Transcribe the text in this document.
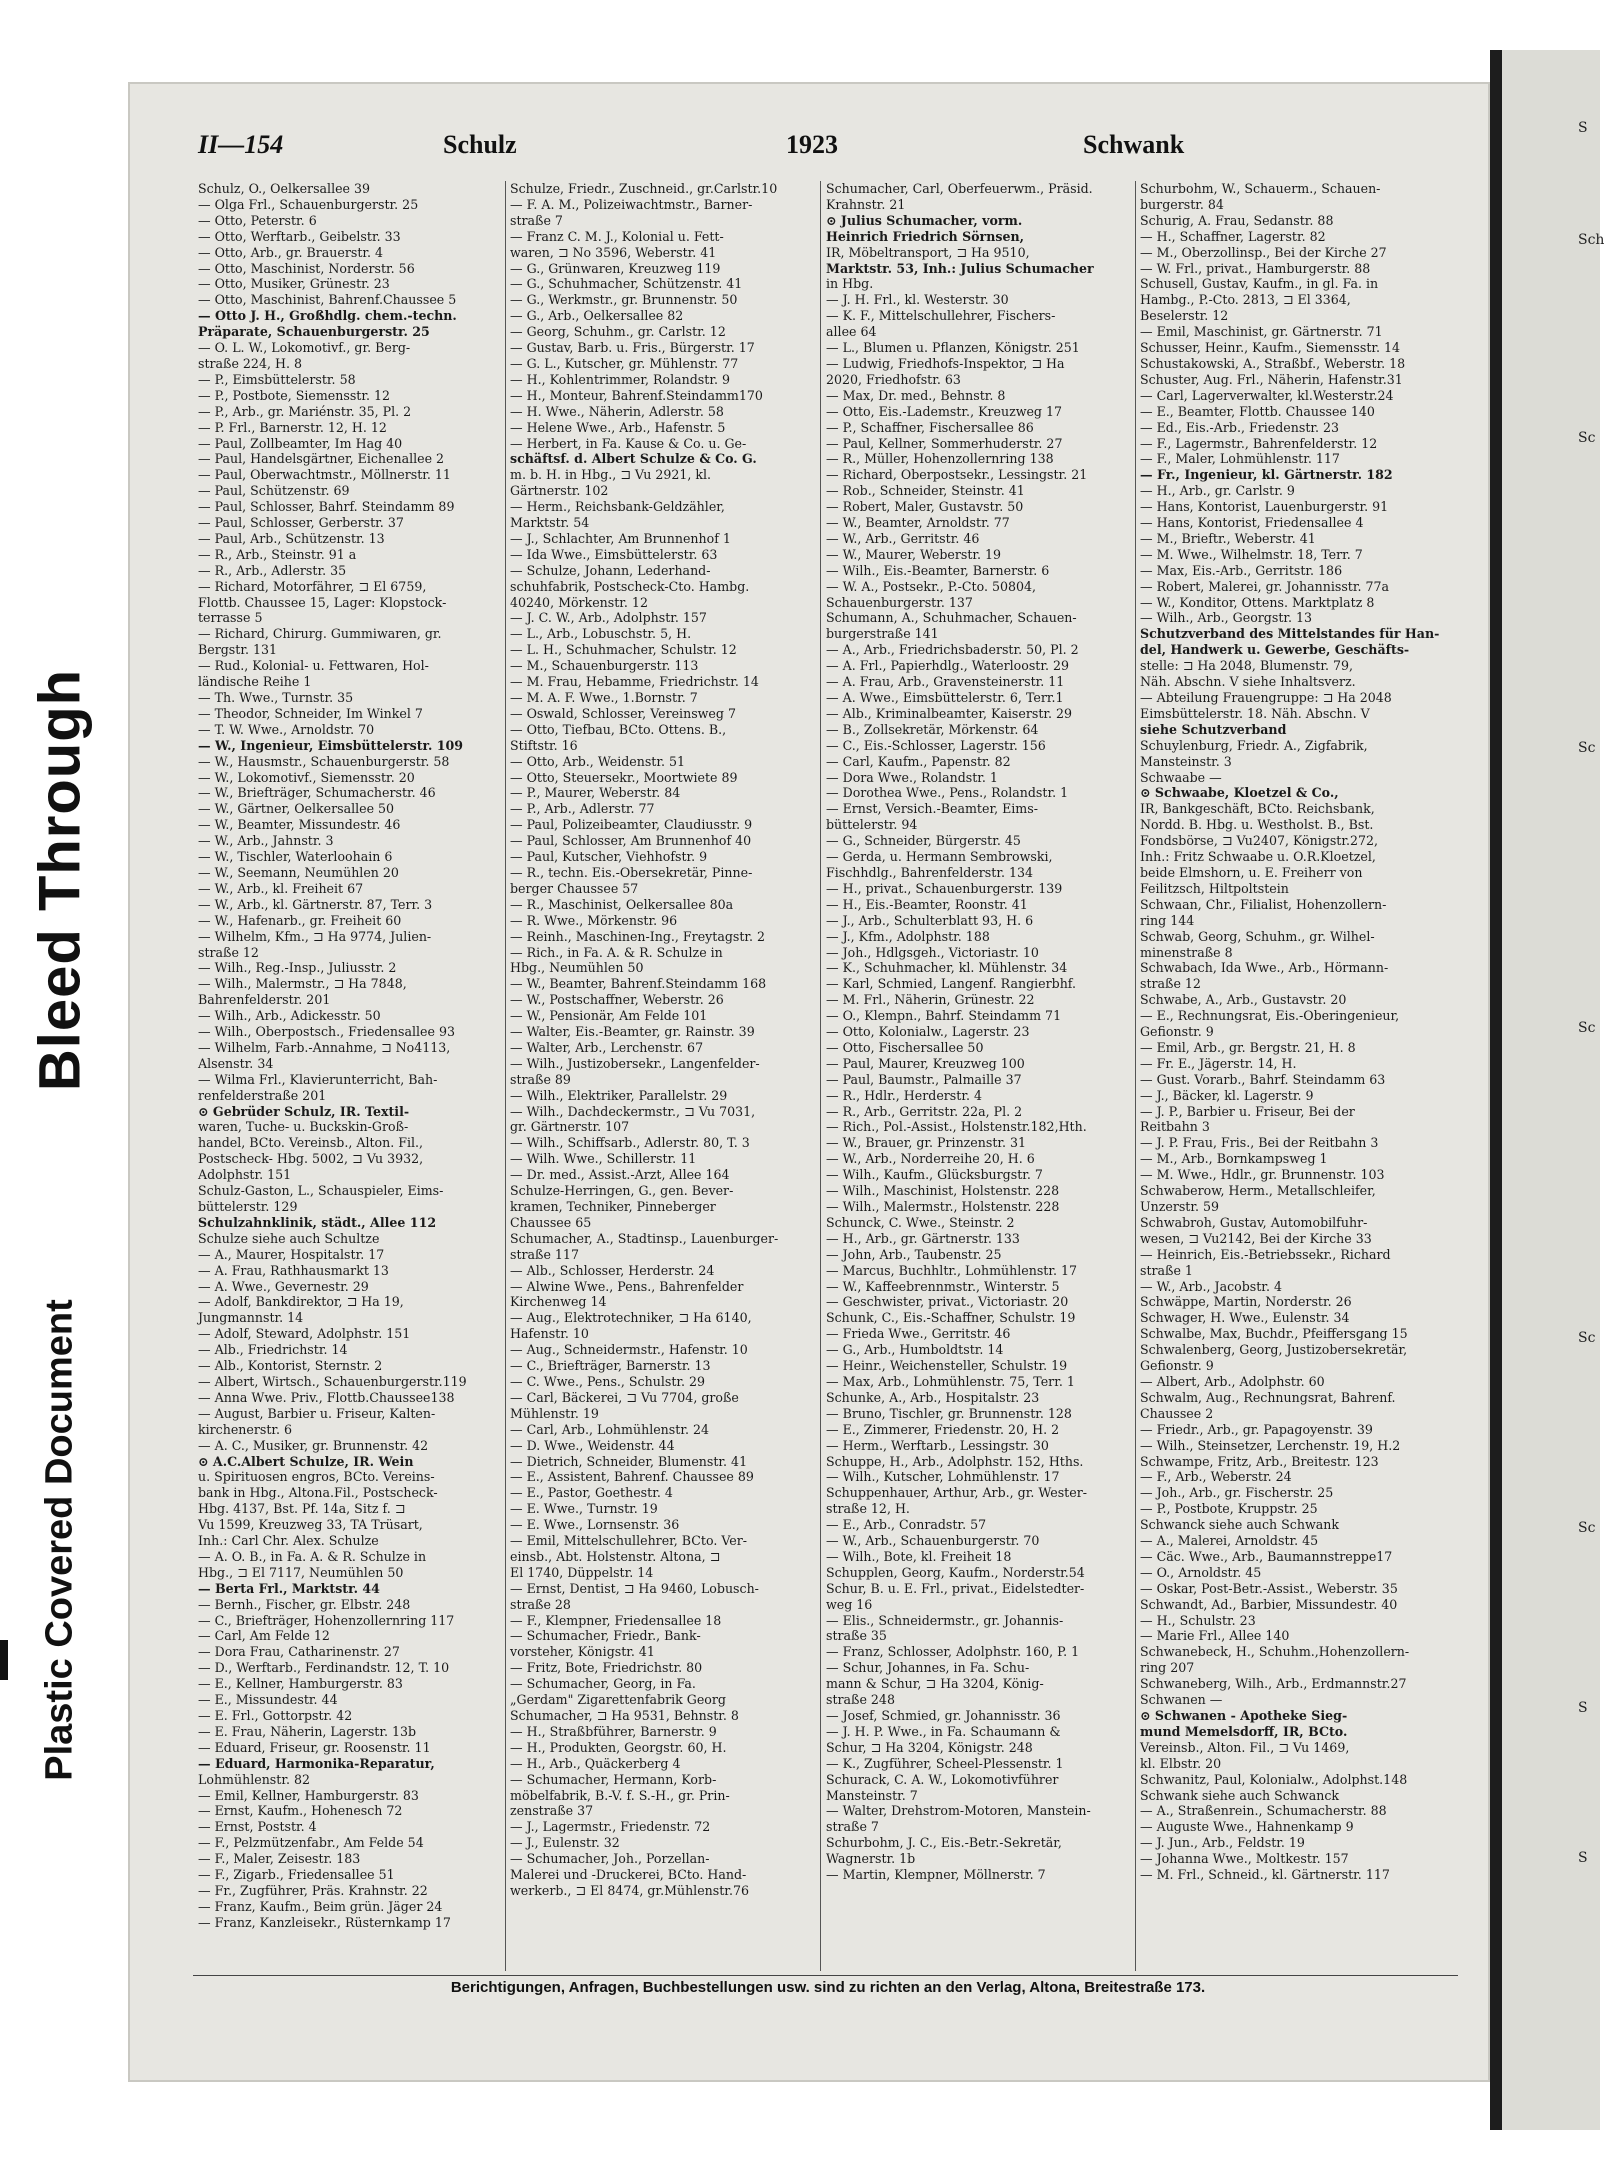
Bleed Through
Plastic Covered Document
S
Sch
Sc
Sc
Sc
Sc
Sc
S
S
II—154	Schulz	1923	Schwank
Schulz, O., Oelkersallee 39
— Olga Frl., Schauenburgerstr. 25
— Otto, Peterstr. 6
— Otto, Werftarb., Geibelstr. 33
— Otto, Arb., gr. Brauerstr. 4
— Otto, Maschinist, Norderstr. 56
— Otto, Musiker, Grünestr. 23
— Otto, Maschinist, Bahrenf.Chaussee 5
— Otto J. H., Großhdlg. chem.-techn.
Präparate, Schauenburgerstr. 25
— O. L. W., Lokomotivf., gr. Berg-
straße 224, H. 8
— P., Eimsbüttelerstr. 58
— P., Postbote, Siemensstr. 12
— P., Arb., gr. Mariénstr. 35, Pl. 2
— P. Frl., Barnerstr. 12, H. 12
— Paul, Zollbeamter, Im Hag 40
— Paul, Handelsgärtner, Eichenallee 2
— Paul, Oberwachtmstr., Möllnerstr. 11
— Paul, Schützenstr. 69
— Paul, Schlosser, Bahrf. Steindamm 89
— Paul, Schlosser, Gerberstr. 37
— Paul, Arb., Schützenstr. 13
— R., Arb., Steinstr. 91 a
— R., Arb., Adlerstr. 35
— Richard, Motorfährer, ⊐ El 6759,
Flottb. Chaussee 15, Lager: Klopstock-
terrasse 5
— Richard, Chirurg. Gummiwaren, gr.
Bergstr. 131
— Rud., Kolonial- u. Fettwaren, Hol-
ländische Reihe 1
— Th. Wwe., Turnstr. 35
— Theodor, Schneider, Im Winkel 7
— T. W. Wwe., Arnoldstr. 70
— W., Ingenieur, Eimsbüttelerstr. 109
— W., Hausmstr., Schauenburgerstr. 58
— W., Lokomotivf., Siemensstr. 20
— W., Briefträger, Schumacherstr. 46
— W., Gärtner, Oelkersallee 50
— W., Beamter, Missundestr. 46
— W., Arb., Jahnstr. 3
— W., Tischler, Waterloohain 6
— W., Seemann, Neumühlen 20
— W., Arb., kl. Freiheit 67
— W., Arb., kl. Gärtnerstr. 87, Terr. 3
— W., Hafenarb., gr. Freiheit 60
— Wilhelm, Kfm., ⊐ Ha 9774, Julien-
straße 12
— Wilh., Reg.-Insp., Juliusstr. 2
— Wilh., Malermstr., ⊐ Ha 7848,
Bahrenfelderstr. 201
— Wilh., Arb., Adickesstr. 50
— Wilh., Oberpostsch., Friedensallee 93
— Wilhelm, Farb.-Annahme, ⊐ No4113,
Alsenstr. 34
— Wilma Frl., Klavierunterricht, Bah-
renfelderstraße 201
⊙ Gebrüder Schulz, IR. Textil-
waren, Tuche- u. Buckskin-Groß-
handel, BCto. Vereinsb., Alton. Fil.,
Postscheck- Hbg. 5002, ⊐ Vu 3932,
Adolphstr. 151
Schulz-Gaston, L., Schauspieler, Eims-
büttelerstr. 129
Schulzahnklinik, städt., Allee 112
Schulze siehe auch Schultze
— A., Maurer, Hospitalstr. 17
— A. Frau, Rathhausmarkt 13
— A. Wwe., Gevernestr. 29
— Adolf, Bankdirektor, ⊐ Ha 19,
Jungmannstr. 14
— Adolf, Steward, Adolphstr. 151
— Alb., Friedrichstr. 14
— Alb., Kontorist, Sternstr. 2
— Albert, Wirtsch., Schauenburgerstr.119
— Anna Wwe. Priv., Flottb.Chaussee138
— August, Barbier u. Friseur, Kalten-
kirchenerstr. 6
— A. C., Musiker, gr. Brunnenstr. 42
⊙ A.C.Albert Schulze, IR. Wein
u. Spirituosen engros, BCto. Vereins-
bank in Hbg., Altona.Fil., Postscheck-
Hbg. 4137, Bst. Pf. 14a, Sitz f. ⊐
Vu 1599, Kreuzweg 33, TA Trüsart,
Inh.: Carl Chr. Alex. Schulze
— A. O. B., in Fa. A. & R. Schulze in
Hbg., ⊐ El 7117, Neumühlen 50
— Berta Frl., Marktstr. 44
— Bernh., Fischer, gr. Elbstr. 248
— C., Briefträger, Hohenzollernring 117
— Carl, Am Felde 12
— Dora Frau, Catharinenstr. 27
— D., Werftarb., Ferdinandstr. 12, T. 10
— E., Kellner, Hamburgerstr. 83
— E., Missundestr. 44
— E. Frl., Gottorpstr. 42
— E. Frau, Näherin, Lagerstr. 13b
— Eduard, Friseur, gr. Roosenstr. 11
— Eduard, Harmonika-Reparatur,
Lohmühlenstr. 82
— Emil, Kellner, Hamburgerstr. 83
— Ernst, Kaufm., Hohenesch 72
— Ernst, Poststr. 4
— F., Pelzmützenfabr., Am Felde 54
— F., Maler, Zeisestr. 183
— F., Zigarb., Friedensallee 51
— Fr., Zugführer, Präs. Krahnstr. 22
— Franz, Kaufm., Beim grün. Jäger 24
— Franz, Kanzleisekr., Rüsternkamp 17
Schulze, Friedr., Zuschneid., gr.Carlstr.10
— F. A. M., Polizeiwachtmstr., Barner-
straße 7
— Franz C. M. J., Kolonial u. Fett-
waren, ⊐ No 3596, Weberstr. 41
— G., Grünwaren, Kreuzweg 119
— G., Schuhmacher, Schützenstr. 41
— G., Werkmstr., gr. Brunnenstr. 50
— G., Arb., Oelkersallee 82
— Georg, Schuhm., gr. Carlstr. 12
— Gustav, Barb. u. Fris., Bürgerstr. 17
— G. L., Kutscher, gr. Mühlenstr. 77
— H., Kohlentrimmer, Rolandstr. 9
— H., Monteur, Bahrenf.Steindamm170
— H. Wwe., Näherin, Adlerstr. 58
— Helene Wwe., Arb., Hafenstr. 5
— Herbert, in Fa. Kause & Co. u. Ge-
schäftsf. d. Albert Schulze & Co. G.
m. b. H. in Hbg., ⊐ Vu 2921, kl.
Gärtnerstr. 102
— Herm., Reichsbank-Geldzähler,
Marktstr. 54
— J., Schlachter, Am Brunnenhof 1
— Ida Wwe., Eimsbüttelerstr. 63
— Schulze, Johann, Lederhand-
schuhfabrik, Postscheck-Cto. Hambg.
40240, Mörkenstr. 12
— J. C. W., Arb., Adolphstr. 157
— L., Arb., Lobuschstr. 5, H.
— L. H., Schuhmacher, Schulstr. 12
— M., Schauenburgerstr. 113
— M. Frau, Hebamme, Friedrichstr. 14
— M. A. F. Wwe., 1.Bornstr. 7
— Oswald, Schlosser, Vereinsweg 7
— Otto, Tiefbau, BCto. Ottens. B.,
Stiftstr. 16
— Otto, Arb., Weidenstr. 51
— Otto, Steuersekr., Moortwiete 89
— P., Maurer, Weberstr. 84
— P., Arb., Adlerstr. 77
— Paul, Polizeibeamter, Claudiusstr. 9
— Paul, Schlosser, Am Brunnenhof 40
— Paul, Kutscher, Viehhofstr. 9
— R., techn. Eis.-Obersekretär, Pinne-
berger Chaussee 57
— R., Maschinist, Oelkersallee 80a
— R. Wwe., Mörkenstr. 96
— Reinh., Maschinen-Ing., Freytagstr. 2
— Rich., in Fa. A. & R. Schulze in
Hbg., Neumühlen 50
— W., Beamter, Bahrenf.Steindamm 168
— W., Postschaffner, Weberstr. 26
— W., Pensionär, Am Felde 101
— Walter, Eis.-Beamter, gr. Rainstr. 39
— Walter, Arb., Lerchenstr. 67
— Wilh., Justizobersekr., Langenfelder-
straße 89
— Wilh., Elektriker, Parallelstr. 29
— Wilh., Dachdeckermstr., ⊐ Vu 7031,
gr. Gärtnerstr. 107
— Wilh., Schiffsarb., Adlerstr. 80, T. 3
— Wilh. Wwe., Schillerstr. 11
— Dr. med., Assist.-Arzt, Allee 164
Schulze-Herringen, G., gen. Bever-
kramen, Techniker, Pinneberger
Chaussee 65
Schumacher, A., Stadtinsp., Lauenburger-
straße 117
— Alb., Schlosser, Herderstr. 24
— Alwine Wwe., Pens., Bahrenfelder
Kirchenweg 14
— Aug., Elektrotechniker, ⊐ Ha 6140,
Hafenstr. 10
— Aug., Schneidermstr., Hafenstr. 10
— C., Briefträger, Barnerstr. 13
— C. Wwe., Pens., Schulstr. 29
— Carl, Bäckerei, ⊐ Vu 7704, große
Mühlenstr. 19
— Carl, Arb., Lohmühlenstr. 24
— D. Wwe., Weidenstr. 44
— Dietrich, Schneider, Blumenstr. 41
— E., Assistent, Bahrenf. Chaussee 89
— E., Pastor, Goethestr. 4
— E. Wwe., Turnstr. 19
— E. Wwe., Lornsenstr. 36
— Emil, Mittelschullehrer, BCto. Ver-
einsb., Abt. Holstenstr. Altona, ⊐
El 1740, Düppelstr. 14
— Ernst, Dentist, ⊐ Ha 9460, Lobusch-
straße 28
— F., Klempner, Friedensallee 18
— Schumacher, Friedr., Bank-
vorsteher, Königstr. 41
— Fritz, Bote, Friedrichstr. 80
— Schumacher, Georg, in Fa.
„Gerdam" Zigarettenfabrik Georg
Schumacher, ⊐ Ha 9531, Behnstr. 8
— H., Straßbführer, Barnerstr. 9
— H., Produkten, Georgstr. 60, H.
— H., Arb., Quäckerberg 4
— Schumacher, Hermann, Korb-
möbelfabrik, B.-V. f. S.-H., gr. Prin-
zenstraße 37
— J., Lagermstr., Friedenstr. 72
— J., Eulenstr. 32
— Schumacher, Joh., Porzellan-
Malerei und -Druckerei, BCto. Hand-
werkerb., ⊐ El 8474, gr.Mühlenstr.76
Schumacher, Carl, Oberfeuerwm., Präsid.
Krahnstr. 21
⊙ Julius Schumacher, vorm.
Heinrich Friedrich Sörnsen,
IR, Möbeltransport, ⊐ Ha 9510,
Marktstr. 53, Inh.: Julius Schumacher
in Hbg.
— J. H. Frl., kl. Westerstr. 30
— K. F., Mittelschullehrer, Fischers-
allee 64
— L., Blumen u. Pflanzen, Königstr. 251
— Ludwig, Friedhofs-Inspektor, ⊐ Ha
2020, Friedhofstr. 63
— Max, Dr. med., Behnstr. 8
— Otto, Eis.-Lademstr., Kreuzweg 17
— P., Schaffner, Fischersallee 86
— Paul, Kellner, Sommerhuderstr. 27
— R., Müller, Hohenzollernring 138
— Richard, Oberpostsekr., Lessingstr. 21
— Rob., Schneider, Steinstr. 41
— Robert, Maler, Gustavstr. 50
— W., Beamter, Arnoldstr. 77
— W., Arb., Gerritstr. 46
— W., Maurer, Weberstr. 19
— Wilh., Eis.-Beamter, Barnerstr. 6
— W. A., Postsekr., P.-Cto. 50804,
Schauenburgerstr. 137
Schumann, A., Schuhmacher, Schauen-
burgerstraße 141
— A., Arb., Friedrichsbaderstr. 50, Pl. 2
— A. Frl., Papierhdlg., Waterloostr. 29
— A. Frau, Arb., Gravensteinerstr. 11
— A. Wwe., Eimsbüttelerstr. 6, Terr.1
— Alb., Kriminalbeamter, Kaiserstr. 29
— B., Zollsekretär, Mörkenstr. 64
— C., Eis.-Schlosser, Lagerstr. 156
— Carl, Kaufm., Papenstr. 82
— Dora Wwe., Rolandstr. 1
— Dorothea Wwe., Pens., Rolandstr. 1
— Ernst, Versich.-Beamter, Eims-
büttelerstr. 94
— G., Schneider, Bürgerstr. 45
— Gerda, u. Hermann Sembrowski,
Fischhdlg., Bahrenfelderstr. 134
— H., privat., Schauenburgerstr. 139
— H., Eis.-Beamter, Roonstr. 41
— J., Arb., Schulterblatt 93, H. 6
— J., Kfm., Adolphstr. 188
— Joh., Hdlgsgeh., Victoriastr. 10
— K., Schuhmacher, kl. Mühlenstr. 34
— Karl, Schmied, Langenf. Rangierbhf.
— M. Frl., Näherin, Grünestr. 22
— O., Klempn., Bahrf. Steindamm 71
— Otto, Kolonialw., Lagerstr. 23
— Otto, Fischersallee 50
— Paul, Maurer, Kreuzweg 100
— Paul, Baumstr., Palmaille 37
— R., Hdlr., Herderstr. 4
— R., Arb., Gerritstr. 22a, Pl. 2
— Rich., Pol.-Assist., Holstenstr.182,Hth.
— W., Brauer, gr. Prinzenstr. 31
— W., Arb., Norderreihe 20, H. 6
— Wilh., Kaufm., Glücksburgstr. 7
— Wilh., Maschinist, Holstenstr. 228
— Wilh., Malermstr., Holstenstr. 228
Schunck, C. Wwe., Steinstr. 2
— H., Arb., gr. Gärtnerstr. 133
— John, Arb., Taubenstr. 25
— Marcus, Buchhltr., Lohmühlenstr. 17
— W., Kaffeebrennmstr., Winterstr. 5
— Geschwister, privat., Victoriastr. 20
Schunk, C., Eis.-Schaffner, Schulstr. 19
— Frieda Wwe., Gerritstr. 46
— G., Arb., Humboldtstr. 14
— Heinr., Weichensteller, Schulstr. 19
— Max, Arb., Lohmühlenstr. 75, Terr. 1
Schunke, A., Arb., Hospitalstr. 23
— Bruno, Tischler, gr. Brunnenstr. 128
— E., Zimmerer, Friedenstr. 20, H. 2
— Herm., Werftarb., Lessingstr. 30
Schuppe, H., Arb., Adolphstr. 152, Hths.
— Wilh., Kutscher, Lohmühlenstr. 17
Schuppenhauer, Arthur, Arb., gr. Wester-
straße 12, H.
— E., Arb., Conradstr. 57
— W., Arb., Schauenburgerstr. 70
— Wilh., Bote, kl. Freiheit 18
Schupplen, Georg, Kaufm., Norderstr.54
Schur, B. u. E. Frl., privat., Eidelstedter-
weg 16
— Elis., Schneidermstr., gr. Johannis-
straße 35
— Franz, Schlosser, Adolphstr. 160, P. 1
— Schur, Johannes, in Fa. Schu-
mann & Schur, ⊐ Ha 3204, König-
straße 248
— Josef, Schmied, gr. Johannisstr. 36
— J. H. P. Wwe., in Fa. Schaumann &
Schur, ⊐ Ha 3204, Königstr. 248
— K., Zugführer, Scheel-Plessenstr. 1
Schurack, C. A. W., Lokomotivführer
Mansteinstr. 7
— Walter, Drehstrom-Motoren, Manstein-
straße 7
Schurbohm, J. C., Eis.-Betr.-Sekretär,
Wagnerstr. 1b
— Martin, Klempner, Möllnerstr. 7
Schurbohm, W., Schauerm., Schauen-
burgerstr. 84
Schurig, A. Frau, Sedanstr. 88
— H., Schaffner, Lagerstr. 82
— M., Oberzollinsp., Bei der Kirche 27
— W. Frl., privat., Hamburgerstr. 88
Schusell, Gustav, Kaufm., in gl. Fa. in
Hambg., P.-Cto. 2813, ⊐ El 3364,
Beselerstr. 12
— Emil, Maschinist, gr. Gärtnerstr. 71
Schusser, Heinr., Kaufm., Siemensstr. 14
Schustakowski, A., Straßbf., Weberstr. 18
Schuster, Aug. Frl., Näherin, Hafenstr.31
— Carl, Lagerverwalter, kl.Westerstr.24
— E., Beamter, Flottb. Chaussee 140
— Ed., Eis.-Arb., Friedenstr. 23
— F., Lagermstr., Bahrenfelderstr. 12
— F., Maler, Lohmühlenstr. 117
— Fr., Ingenieur, kl. Gärtnerstr. 182
— H., Arb., gr. Carlstr. 9
— Hans, Kontorist, Lauenburgerstr. 91
— Hans, Kontorist, Friedensallee 4
— M., Brieftr., Weberstr. 41
— M. Wwe., Wilhelmstr. 18, Terr. 7
— Max, Eis.-Arb., Gerritstr. 186
— Robert, Malerei, gr. Johannisstr. 77a
— W., Konditor, Ottens. Marktplatz 8
— Wilh., Arb., Georgstr. 13
Schutzverband des Mittelstandes für Han-
del, Handwerk u. Gewerbe, Geschäfts-
stelle: ⊐ Ha 2048, Blumenstr. 79,
Näh. Abschn. V siehe Inhaltsverz.
— Abteilung Frauengruppe: ⊐ Ha 2048
Eimsbüttelerstr. 18. Näh. Abschn. V
siehe Schutzverband
Schuylenburg, Friedr. A., Zigfabrik,
Mansteinstr. 3
Schwaabe —
⊙ Schwaabe, Kloetzel & Co.,
IR, Bankgeschäft, BCto. Reichsbank,
Nordd. B. Hbg. u. Westholst. B., Bst.
Fondsbörse, ⊐ Vu2407, Königstr.272,
Inh.: Fritz Schwaabe u. O.R.Kloetzel,
beide Elmshorn, u. E. Freiherr von
Feilitzsch, Hiltpoltstein
Schwaan, Chr., Filialist, Hohenzollern-
ring 144
Schwab, Georg, Schuhm., gr. Wilhel-
minenstraße 8
Schwabach, Ida Wwe., Arb., Hörmann-
straße 12
Schwabe, A., Arb., Gustavstr. 20
— E., Rechnungsrat, Eis.-Oberingenieur,
Gefionstr. 9
— Emil, Arb., gr. Bergstr. 21, H. 8
— Fr. E., Jägerstr. 14, H.
— Gust. Vorarb., Bahrf. Steindamm 63
— J., Bäcker, kl. Lagerstr. 9
— J. P., Barbier u. Friseur, Bei der
Reitbahn 3
— J. P. Frau, Fris., Bei der Reitbahn 3
— M., Arb., Bornkampsweg 1
— M. Wwe., Hdlr., gr. Brunnenstr. 103
Schwaberow, Herm., Metallschleifer,
Unzerstr. 59
Schwabroh, Gustav, Automobilfuhr-
wesen, ⊐ Vu2142, Bei der Kirche 33
— Heinrich, Eis.-Betriebssekr., Richard
straße 1
— W., Arb., Jacobstr. 4
Schwäppe, Martin, Norderstr. 26
Schwager, H. Wwe., Eulenstr. 34
Schwalbe, Max, Buchdr., Pfeiffersgang 15
Schwalenberg, Georg, Justizobersekretär,
Gefionstr. 9
— Albert, Arb., Adolphstr. 60
Schwalm, Aug., Rechnungsrat, Bahrenf.
Chaussee 2
— Friedr., Arb., gr. Papagoyenstr. 39
— Wilh., Steinsetzer, Lerchenstr. 19, H.2
Schwampe, Fritz, Arb., Breitestr. 123
— F., Arb., Weberstr. 24
— Joh., Arb., gr. Fischerstr. 25
— P., Postbote, Kruppstr. 25
Schwanck siehe auch Schwank
— A., Malerei, Arnoldstr. 45
— Cäc. Wwe., Arb., Baumannstreppe17
— O., Arnoldstr. 45
— Oskar, Post-Betr.-Assist., Weberstr. 35
Schwandt, Ad., Barbier, Missundestr. 40
— H., Schulstr. 23
— Marie Frl., Allee 140
Schwanebeck, H., Schuhm.,Hohenzollern-
ring 207
Schwaneberg, Wilh., Arb., Erdmannstr.27
Schwanen —
⊙ Schwanen - Apotheke Sieg-
mund Memelsdorff, IR, BCto.
Vereinsb., Alton. Fil., ⊐ Vu 1469,
kl. Elbstr. 20
Schwanitz, Paul, Kolonialw., Adolphst.148
Schwank siehe auch Schwanck
— A., Straßenrein., Schumacherstr. 88
— Auguste Wwe., Hahnenkamp 9
— J. Jun., Arb., Feldstr. 19
— Johanna Wwe., Moltkestr. 157
— M. Frl., Schneid., kl. Gärtnerstr. 117
Berichtigungen, Anfragen, Buchbestellungen usw. sind zu richten an den Verlag, Altona, Breitestraße 173.
